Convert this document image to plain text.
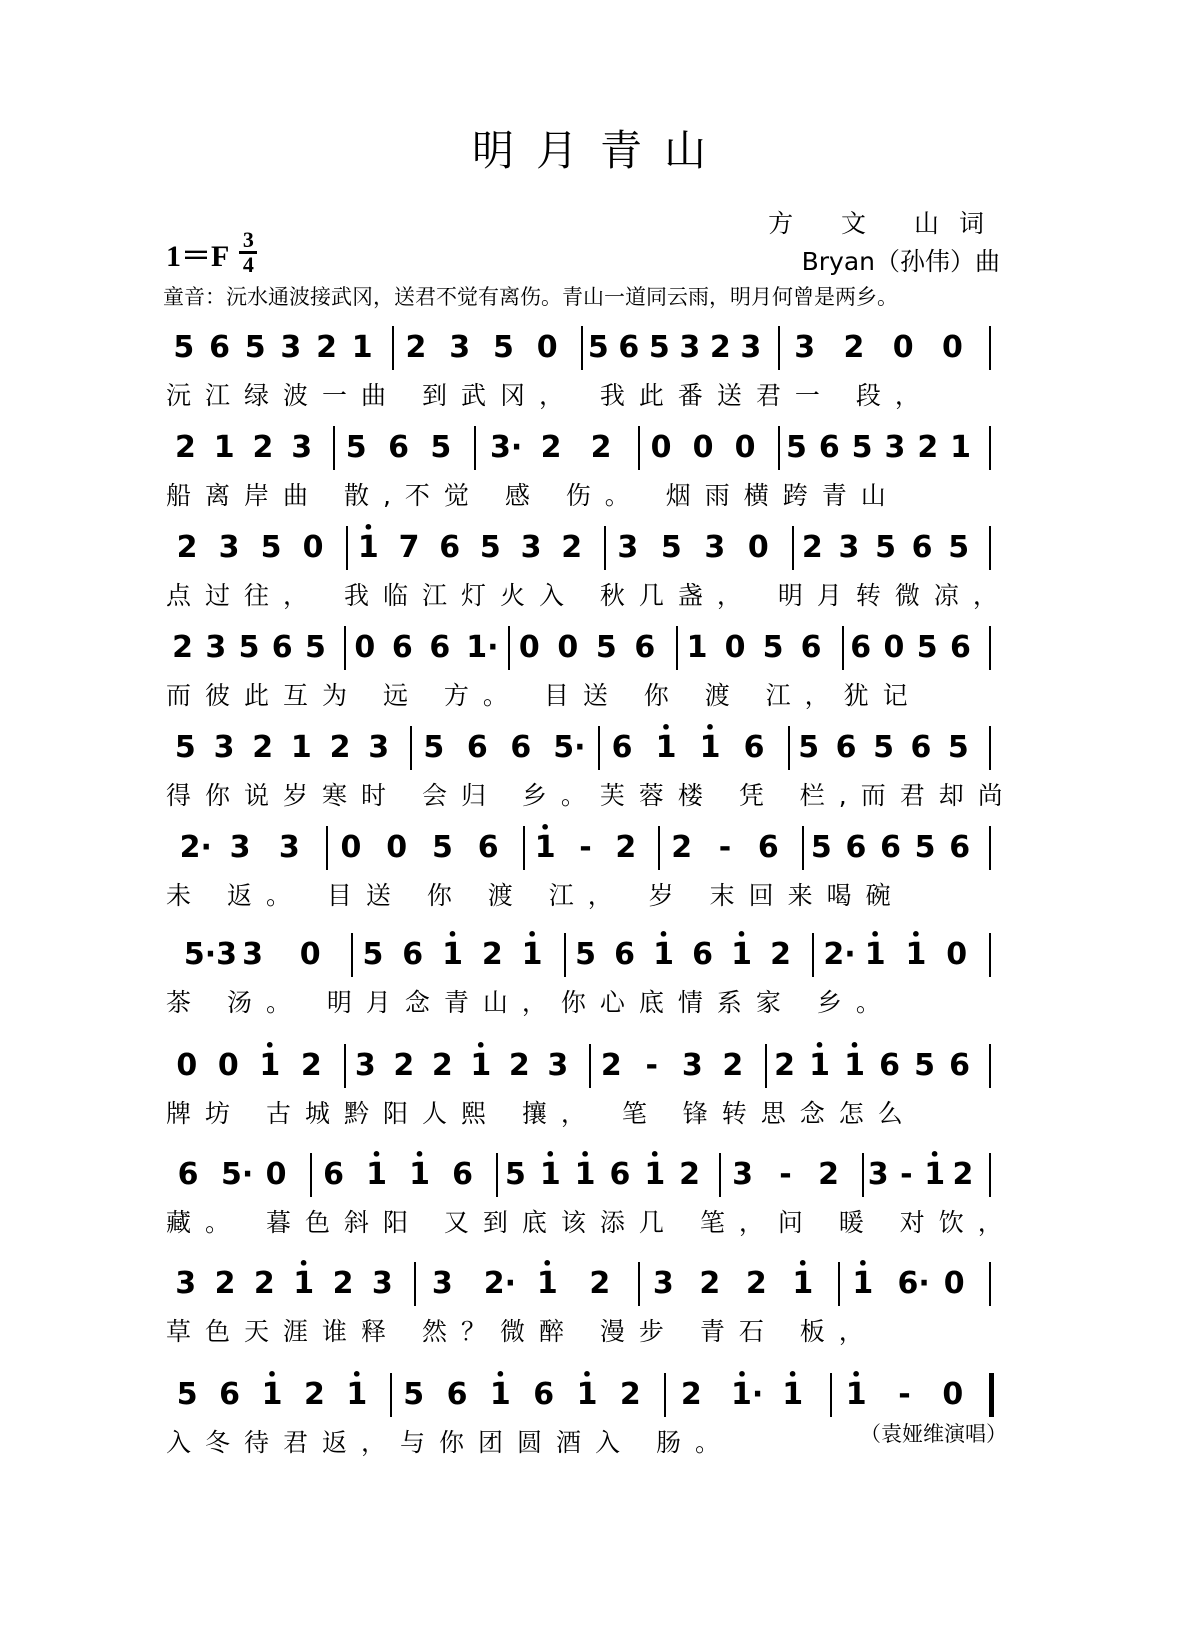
明月青山
方 文 山词
Bryan（孙伟）曲
1＝F 3
4
童音：沅水通波接武冈，送君不觉有离伤。青山一道同云雨，明月何曾是两乡。
5 6 5 3 2 1 2 3 5 0 5 6 5 3 2 3 3 2 0 0
沅江绿波一曲 到武冈， 我此番送君一 段，
2 1 2 3 5 6 5 3· 2 2 0 0 0 5 6 5 3 2 1
船离岸曲 散,不觉 感 伤。 烟雨横跨青山
2 3 5 0 • 1 7 6 5 3 2 3 5 3 0 2 3 5 6 5
点过往， 我临江灯火入 秋几盏， 明月转微凉，
2 3 5 6 5 0 6 6 1· 0 0 5 6 1 0 5 6 6 0 5 6
而彼此互为 远 方。 目送 你 渡 江，犹记
5 3 2 1 2 3 5 6 6 5· 6 • 1 • 1 6 5 6 5 6 5
得你说岁寒时 会归 乡。芙蓉楼 凭 栏,而君却尚
2· 3 3 0 0 5 6 • 1 - 2 2 - 6 5 6 6 5 6
未 返。 目送 你 渡 江， 岁 末回来喝碗
5·3 3 0 5 6 • 1 2 • 1 5 6 • 1 6 • 1 2 2· • 1 • 1 0
茶 汤。 明月念青山，你心底情系家 乡。
0 0 • 1 2 3 2 2 • 1 2 3 2 - 3 2 2 • 1 • 1 6 5 6
牌坊 古城黔阳人熙 攘， 笔 锋转思念怎么
6 5· 0 6 • 1 • 1 6 5 • 1 • 1 6 • 1 2 3 - 2 3 - • 1 2
藏。 暮色斜阳 又到底该添几 笔，问 暖 对饮，
3 2 2 • 1 2 3 3 2· • 1 2 3 2 2 • 1 • 1 6· 0
草色天涯谁释 然？微醉 漫步 青石 板，
5 6 • 1 2 • 1 5 6 • 1 6 • 1 2 2 • 1· • 1 • 1 - 0
入冬待君返，与你团圆酒入 肠。	（袁娅维演唱）
